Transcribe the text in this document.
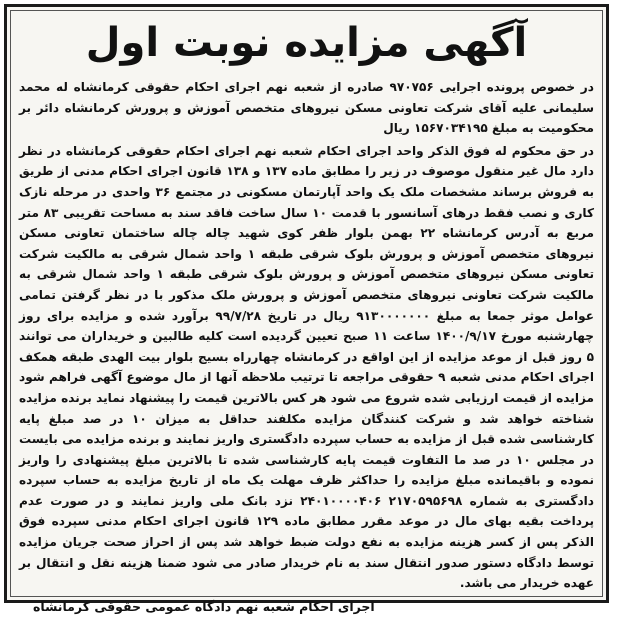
آگهی مزایده نوبت اول
در خصوص پرونده اجرایی ۹۷۰۷۵۶ صادره از شعبه نهم اجرای احکام حقوقی کرمانشاه له محمد سلیمانی علیه آقای شرکت تعاونی مسکن نیروهای متخصص آموزش و پرورش کرمانشاه دائر بر محکومیت به مبلغ ۱۵۶۷۰۳۴۱۹۵ ریال
در حق محکوم له فوق الذکر واحد اجرای احکام شعبه نهم اجرای احکام حقوقی کرمانشاه در نظر دارد مال غیر منقول موصوف در زیر را مطابق ماده ۱۳۷ و ۱۳۸ قانون اجرای احکام مدنی از طریق به فروش برساند مشخصات ملک یک واحد آپارتمان مسکونی در مجتمع ۳۶ واحدی در مرحله نازک کاری و نصب فقط درهای آسانسور با قدمت ۱۰ سال ساخت فاقد سند به مساحت تقریبی ۸۳ متر مربع به آدرس کرمانشاه ۲۲ بهمن بلوار ظفر کوی شهید چاله چاله ساختمان تعاونی مسکن نیروهای متخصص آموزش و پرورش بلوک شرقی طبقه ۱ واحد شمال شرقی به مالکیت شرکت تعاونی مسکن نیروهای متخصص آموزش و پرورش بلوک شرقی طبقه ۱ واحد شمال شرقی به مالکیت شرکت تعاونی نیروهای متخصص آموزش و پرورش ملک مذکور با در نظر گرفتن تمامی عوامل موثر جمعا به مبلغ ۹۱۳۰۰۰۰۰۰۰ ریال در تاریخ ۹۹/۷/۲۸ برآورد شده و مزایده برای روز چهارشنبه مورخ ۱۴۰۰/۹/۱۷ ساعت ۱۱ صبح تعیین گردیده است کلیه طالبین و خریداران می توانند ۵ روز قبل از موعد مزایده از این اواقع در کرمانشاه چهارراه بسیج بلوار بیت الهدی طبقه همکف اجرای احکام مدنی شعبه ۹ حقوقی مراجعه تا ترتیب ملاحظه آنها از مال موضوع آگهی فراهم شود مزایده از قیمت ارزیابی شده شروع می شود هر کس بالاترین قیمت را پیشنهاد نماید برنده مزایده شناخته خواهد شد و شرکت کنندگان مزایده مکلفند حداقل به میزان ۱۰ در صد مبلغ پایه کارشناسی شده قبل از مزایده به حساب سپرده دادگستری واریز نمایند و برنده مزایده می بایست در مجلس ۱۰ در صد ما التفاوت قیمت پایه کارشناسی شده تا بالاترین مبلغ پیشنهادی را واریز نموده و باقیمانده مبلغ مزایده را حداکثر ظرف مهلت یک ماه از تاریخ مزایده به حساب سپرده دادگستری به شماره ۲۱۷۰۵۹۵۶۹۸ ۲۴۰۱۰۰۰۰۴۰۶ نزد بانک ملی واریز نمایند و در صورت عدم پرداخت بقیه بهای مال در موعد مقرر مطابق ماده ۱۲۹ قانون اجرای احکام مدنی سپرده فوق الذکر پس از کسر هزینه مزایده به نفع دولت ضبط خواهد شد پس از احراز صحت جریان مزایده توسط دادگاه دستور صدور انتقال سند به نام خریدار صادر می شود ضمنا هزینه نقل و انتقال بر عهده خریدار می باشد.
اجرای احکام شعبه نهم دادگاه عمومی حقوقی کرمانشاه
